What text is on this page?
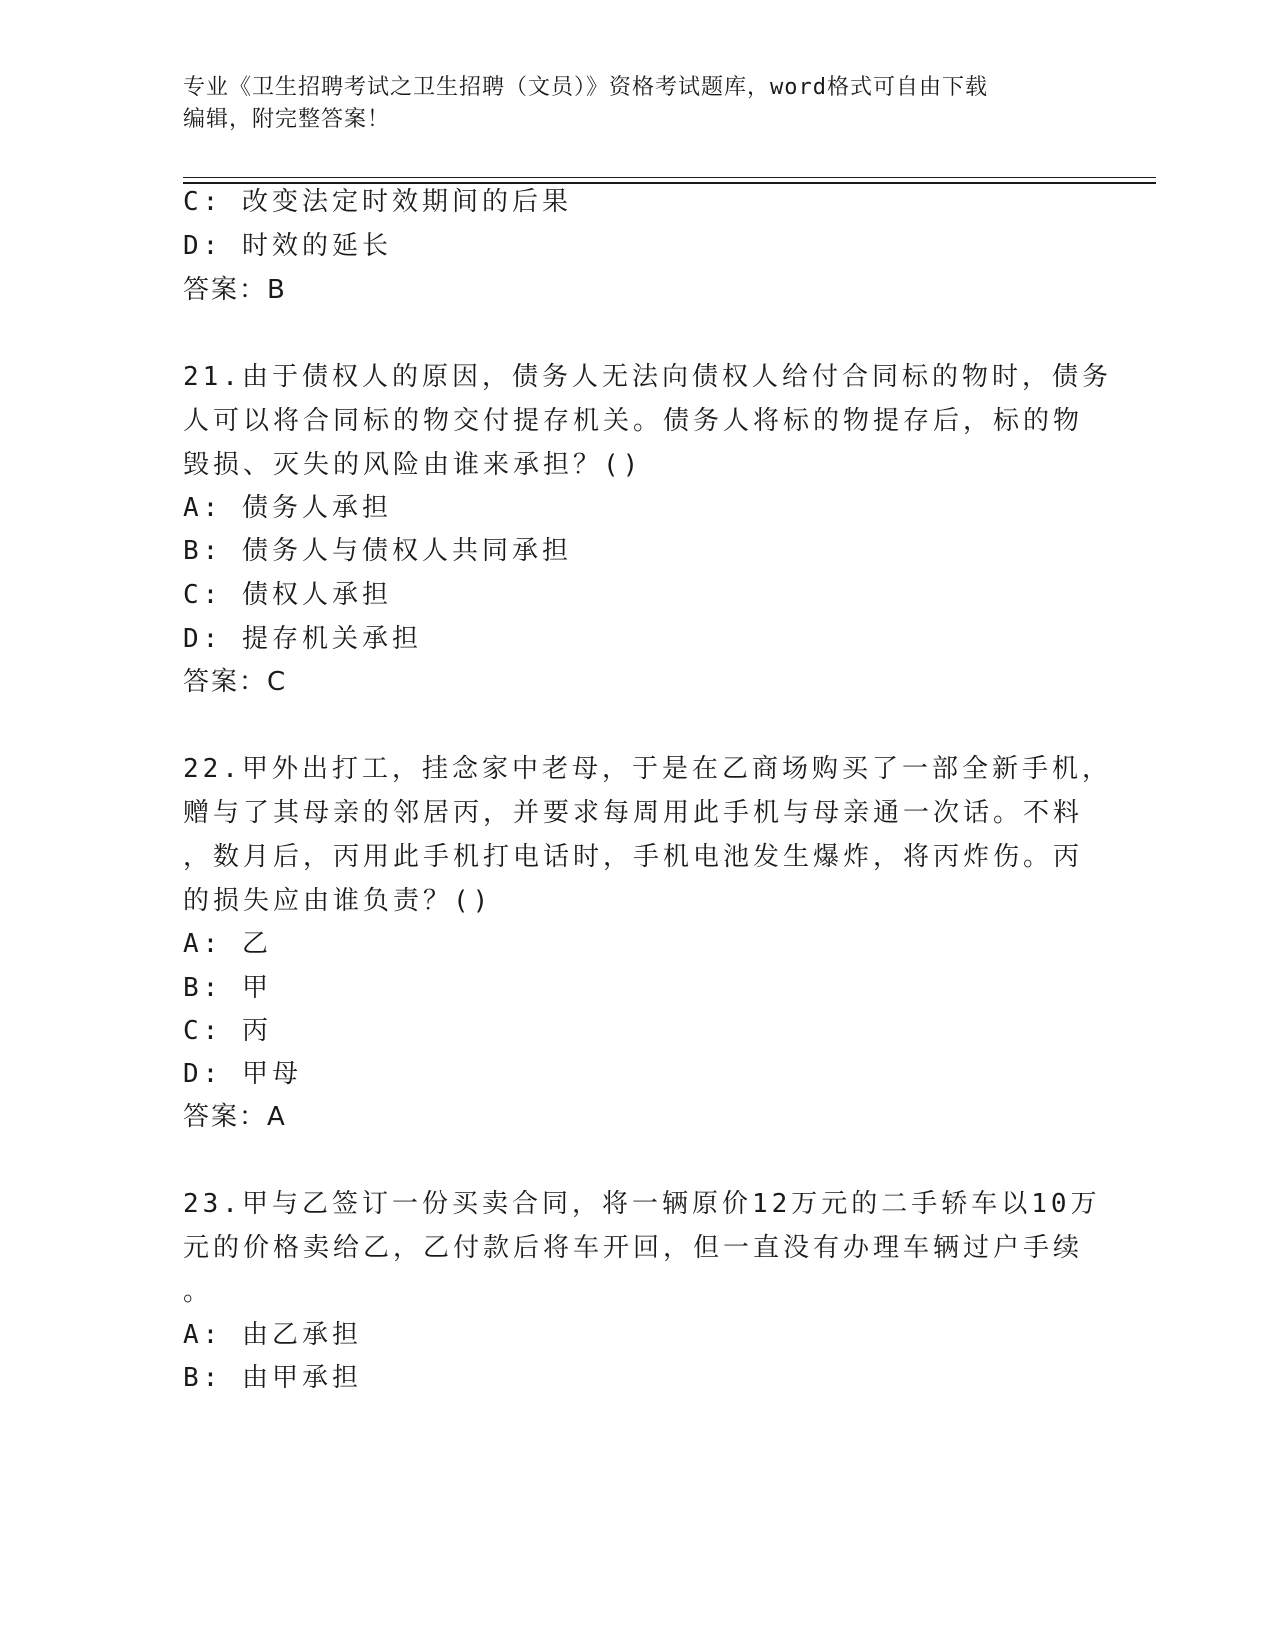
专业《卫生招聘考试之卫生招聘（文员）》资格考试题库，word格式可自由下载
编辑，附完整答案！
C: 改变法定时效期间的后果
D: 时效的延长
答案：B
21.由于债权人的原因，债务人无法向债权人给付合同标的物时，债务
人可以将合同标的物交付提存机关。债务人将标的物提存后，标的物
毁损、灭失的风险由谁来承担？()
A: 债务人承担
B: 债务人与债权人共同承担
C: 债权人承担
D: 提存机关承担
答案：C
22.甲外出打工，挂念家中老母，于是在乙商场购买了一部全新手机，
赠与了其母亲的邻居丙，并要求每周用此手机与母亲通一次话。不料
，数月后，丙用此手机打电话时，手机电池发生爆炸，将丙炸伤。丙
的损失应由谁负责？()
A: 乙
B: 甲
C: 丙
D: 甲母
答案：A
23.甲与乙签订一份买卖合同，将一辆原价12万元的二手轿车以10万
元的价格卖给乙，乙付款后将车开回，但一直没有办理车辆过户手续
。
A: 由乙承担
B: 由甲承担
